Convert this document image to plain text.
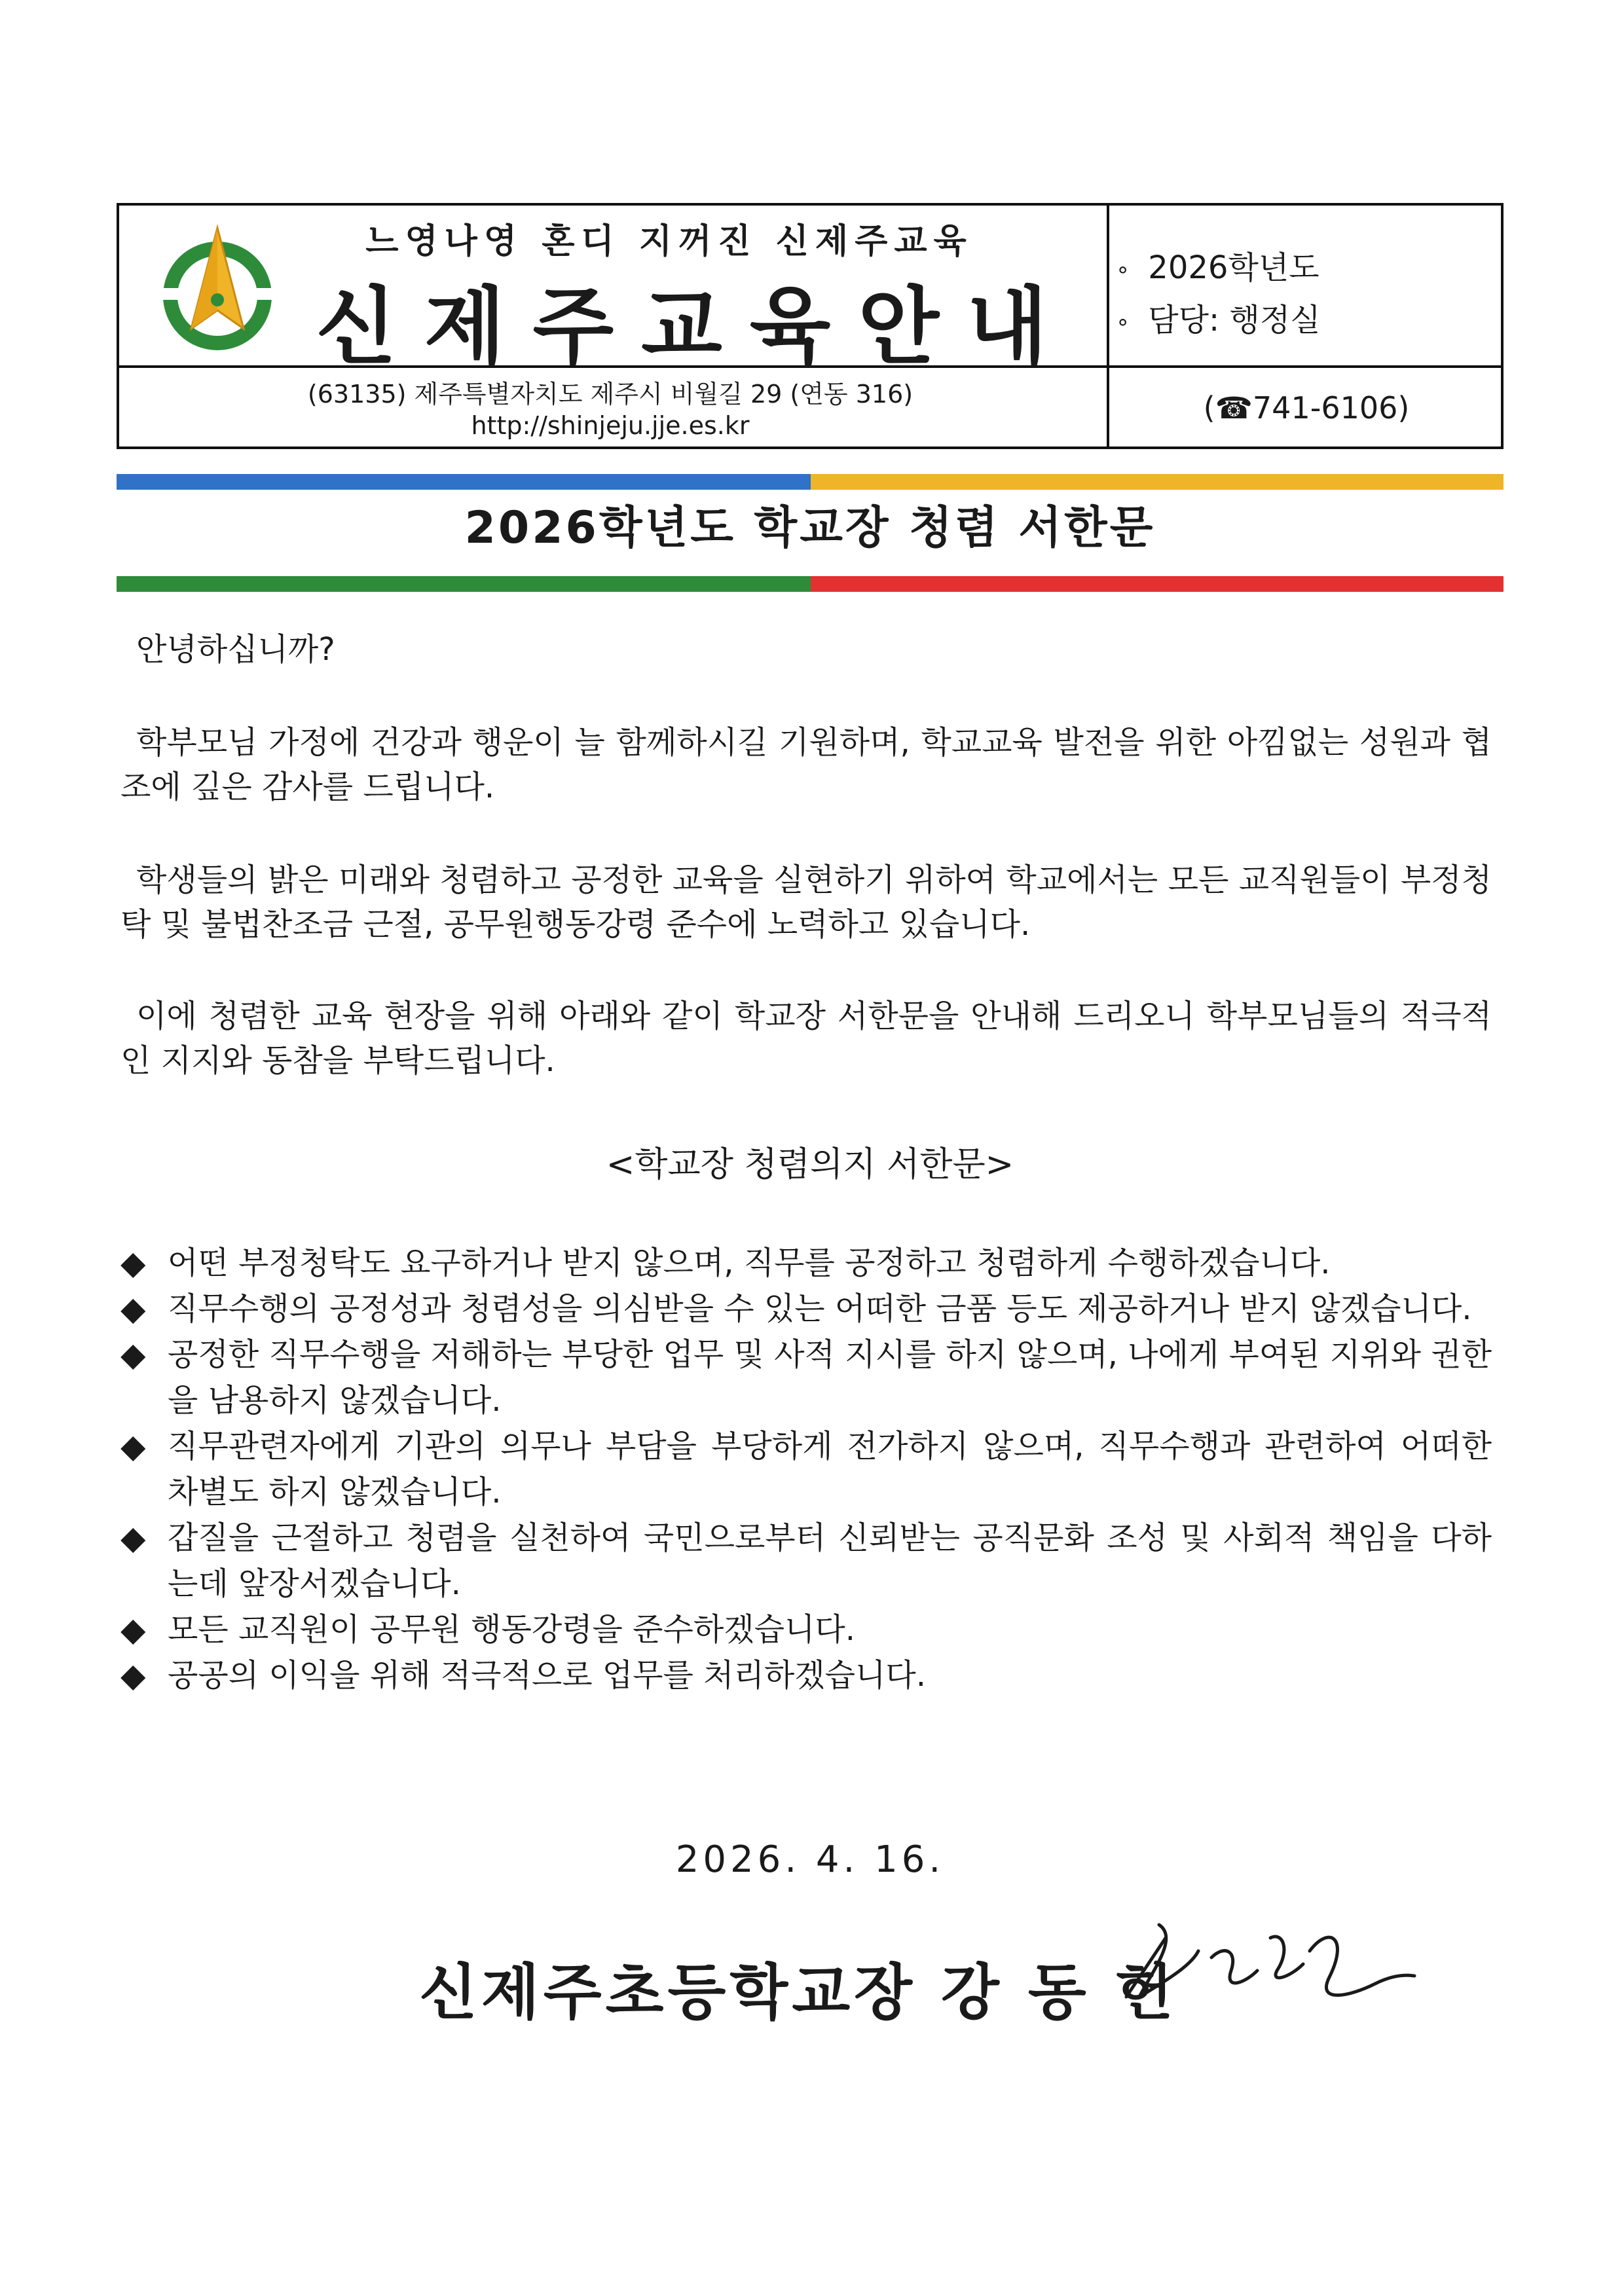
느영나영 혼디 지꺼진 신제주교육
신제주교육안내
∘ 2026학년도
∘ 담당: 행정실
(63135) 제주특별자치도 제주시 비월길 29 (연동 316)
http://shinjeju.jje.es.kr	(☎741-6106)
2026학년도 학교장 청렴 서한문

안녕하십니까?

학부모님 가정에 건강과 행운이 늘 함께하시길 기원하며, 학교교육 발전을 위한 아낌없는 성원과 협조에 깊은 감사를 드립니다.

학생들의 밝은 미래와 청렴하고 공정한 교육을 실현하기 위하여 학교에서는 모든 교직원들이 부정청탁 및 불법찬조금 근절, 공무원행동강령 준수에 노력하고 있습니다.

이에 청렴한 교육 현장을 위해 아래와 같이 학교장 서한문을 안내해 드리오니 학부모님들의 적극적인 지지와 동참을 부탁드립니다.

<학교장 청렴의지 서한문>
◆ 어떤 부정청탁도 요구하거나 받지 않으며, 직무를 공정하고 청렴하게 수행하겠습니다.
◆ 직무수행의 공정성과 청렴성을 의심받을 수 있는 어떠한 금품 등도 제공하거나 받지 않겠습니다.
◆ 공정한 직무수행을 저해하는 부당한 업무 및 사적 지시를 하지 않으며, 나에게 부여된 지위와 권한을 남용하지 않겠습니다.
◆ 직무관련자에게 기관의 의무나 부담을 부당하게 전가하지 않으며, 직무수행과 관련하여 어떠한 차별도 하지 않겠습니다.
◆ 갑질을 근절하고 청렴을 실천하여 국민으로부터 신뢰받는 공직문화 조성 및 사회적 책임을 다하는데 앞장서겠습니다.
◆ 모든 교직원이 공무원 행동강령을 준수하겠습니다.
◆ 공공의 이익을 위해 적극적으로 업무를 처리하겠습니다.
2026. 4. 16.
신제주초등학교장 강 동 헌
